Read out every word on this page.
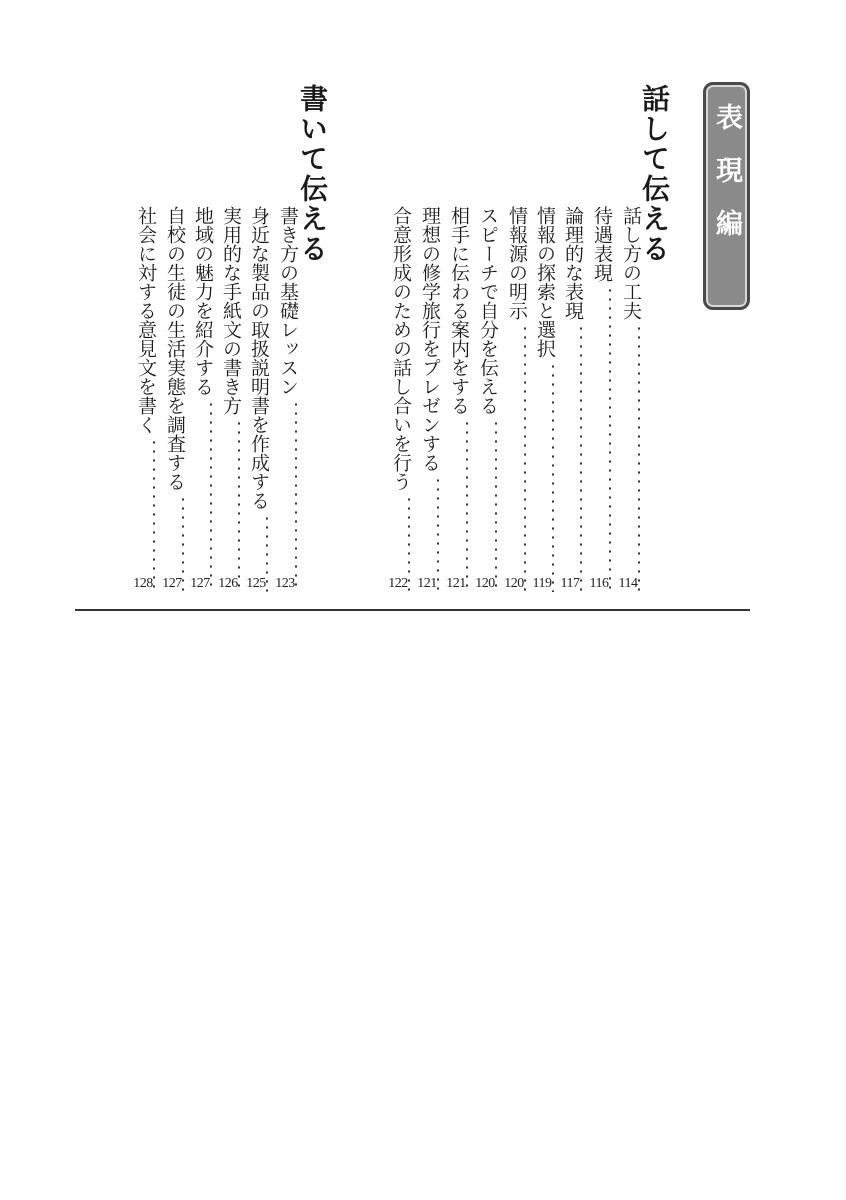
表現編
話して伝える
書いて伝える	話し方の工夫
114
待遇表現
116
論理的な表現
117
情報の探索と選択
119
情報源の明示
120
スピーチで自分を伝える
120
相手に伝わる案内をする
121
理想の修学旅行をプレゼンする
121
合意形成のための話し合いを行う
122
書き方の基礎レッスン
123
身近な製品の取扱説明書を作成する
125
実用的な手紙文の書き方
126
地域の魅力を紹介する
127
自校の生徒の生活実態を調査する
127
社会に対する意見文を書く
128
